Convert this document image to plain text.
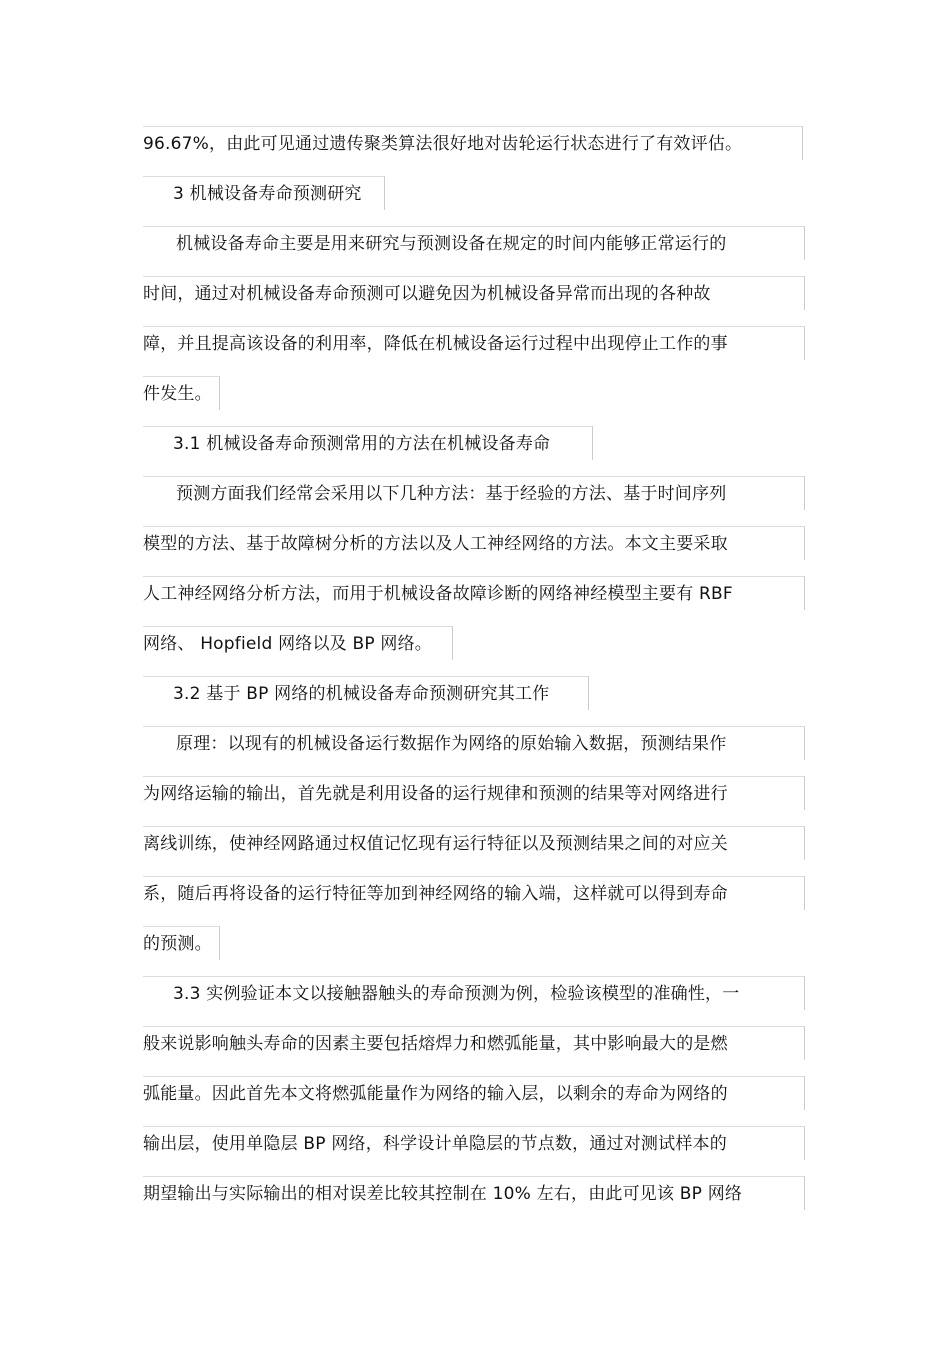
96.67%，由此可见通过遗传聚类算法很好地对齿轮运行状态进行了有效评估。
3 机械设备寿命预测研究
机械设备寿命主要是用来研究与预测设备在规定的时间内能够正常运行的
时间，通过对机械设备寿命预测可以避免因为机械设备异常而出现的各种故
障，并且提高该设备的利用率，降低在机械设备运行过程中出现停止工作的事
件发生。
3.1 机械设备寿命预测常用的方法在机械设备寿命
预测方面我们经常会采用以下几种方法：基于经验的方法、基于时间序列
模型的方法、基于故障树分析的方法以及人工神经网络的方法。本文主要采取
人工神经网络分析方法，而用于机械设备故障诊断的网络神经模型主要有 RBF
网络、 Hopfield 网络以及 BP 网络。
3.2 基于 BP 网络的机械设备寿命预测研究其工作
原理：以现有的机械设备运行数据作为网络的原始输入数据，预测结果作
为网络运输的输出，首先就是利用设备的运行规律和预测的结果等对网络进行
离线训练，使神经网路通过权值记忆现有运行特征以及预测结果之间的对应关
系，随后再将设备的运行特征等加到神经网络的输入端，这样就可以得到寿命
的预测。
3.3 实例验证本文以接触器触头的寿命预测为例，检验该模型的准确性，一
般来说影响触头寿命的因素主要包括熔焊力和燃弧能量，其中影响最大的是燃
弧能量。因此首先本文将燃弧能量作为网络的输入层，以剩余的寿命为网络的
输出层，使用单隐层 BP 网络，科学设计单隐层的节点数，通过对测试样本的
期望输出与实际输出的相对误差比较其控制在 10% 左右，由此可见该 BP 网络
